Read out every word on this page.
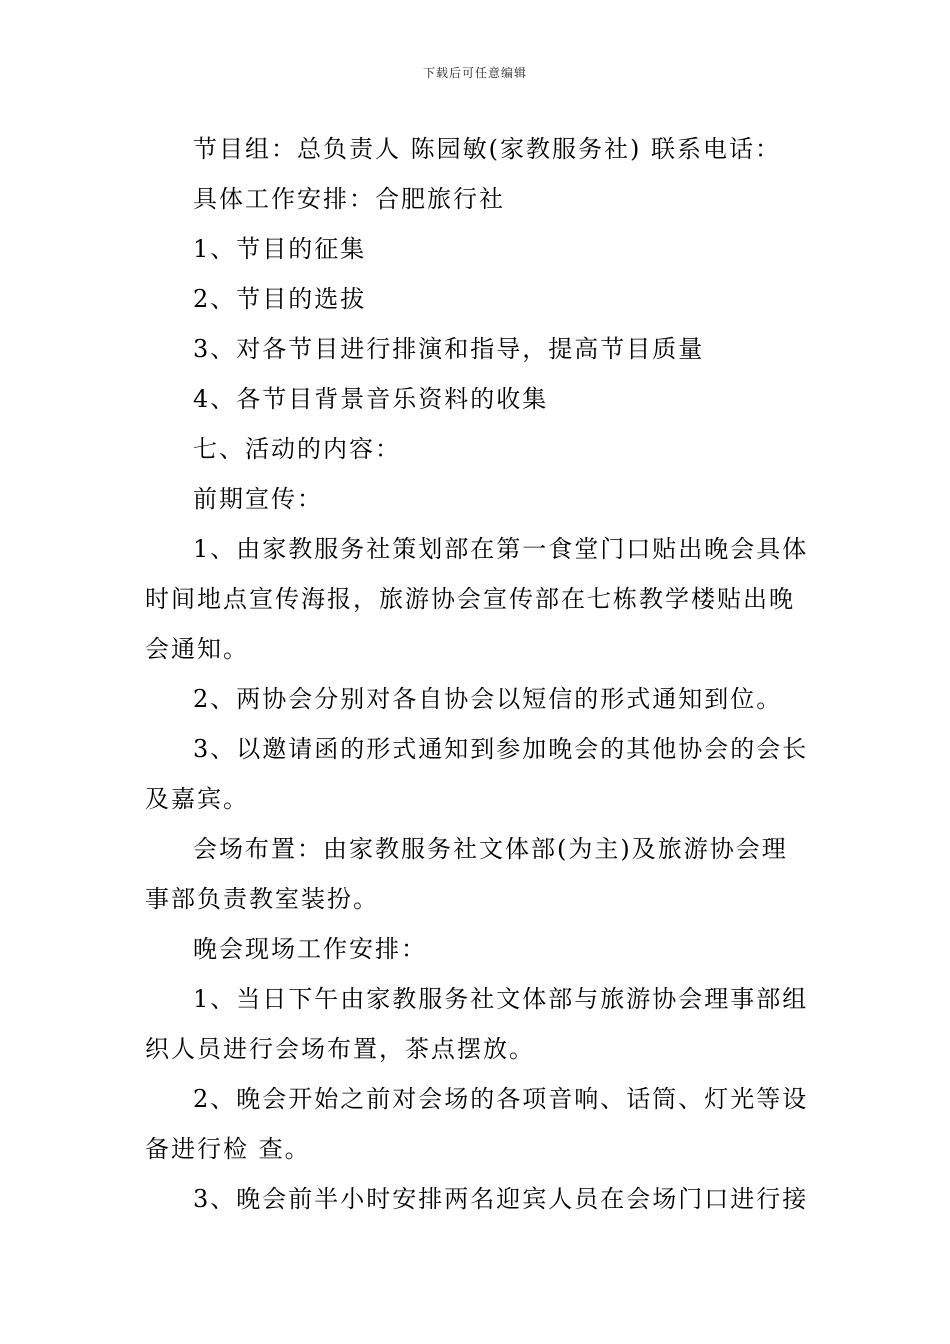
下载后可任意编辑

节目组：总负责人 陈园敏(家教服务社) 联系电话：

具体工作安排：合肥旅行社

1、节目的征集

2、节目的选拔

3、对各节目进行排演和指导，提高节目质量

4、各节目背景音乐资料的收集

七、活动的内容：

前期宣传：

1、由家教服务社策划部在第一食堂门口贴出晚会具体时间地点宣传海报，旅游协会宣传部在七栋教学楼贴出晚会通知。

2、两协会分别对各自协会以短信的形式通知到位。

3、以邀请函的形式通知到参加晚会的其他协会的会长及嘉宾。

会场布置：由家教服务社文体部(为主)及旅游协会理事部负责教室装扮。

晚会现场工作安排：

1、当日下午由家教服务社文体部与旅游协会理事部组织人员进行会场布置，茶点摆放。

2、晚会开始之前对会场的各项音响、话筒、灯光等设备进行检 查。

3、晚会前半小时安排两名迎宾人员在会场门口进行接
